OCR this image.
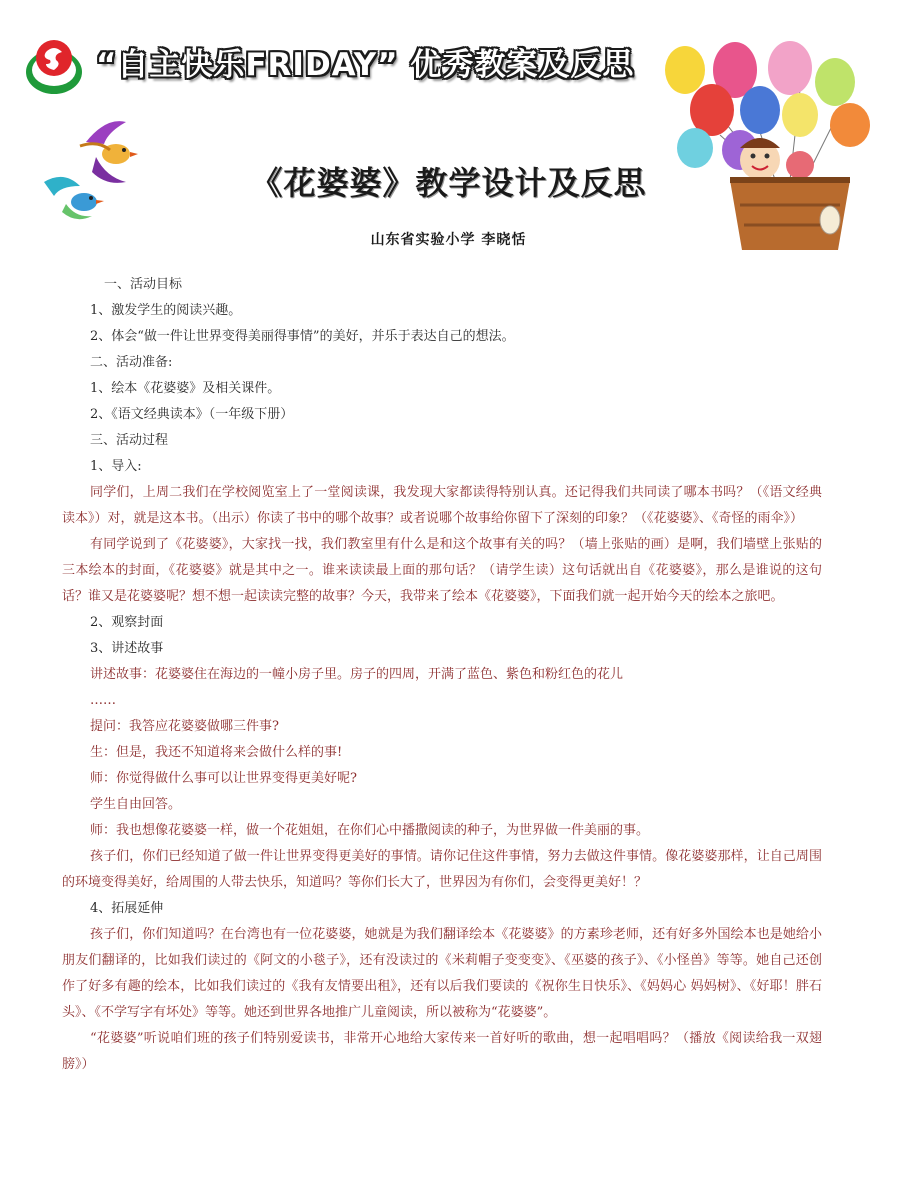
“自主快乐FRIDAY” 优秀教案及反思
《花婆婆》教学设计及反思
山东省实验小学 李晓恬

一、活动目标

1、激发学生的阅读兴趣。

2、体会“做一件让世界变得美丽得事情”的美好，并乐于表达自己的想法。

二、活动准备:

1、绘本《花婆婆》及相关课件。

2、《语文经典读本》（一年级下册）

三、活动过程

1、导入:

同学们，上周二我们在学校阅览室上了一堂阅读课，我发现大家都读得特别认真。还记得我们共同读了哪本书吗？（《语文经典读本》）对，就是这本书。（出示）你读了书中的哪个故事？或者说哪个故事给你留下了深刻的印象？（《花婆婆》、《奇怪的雨伞》）

有同学说到了《花婆婆》，大家找一找，我们教室里有什么是和这个故事有关的吗？（墙上张贴的画）是啊，我们墙壁上张贴的三本绘本的封面，《花婆婆》就是其中之一。谁来读读最上面的那句话？（请学生读）这句话就出自《花婆婆》，那么是谁说的这句话？谁又是花婆婆呢？想不想一起读读完整的故事？今天，我带来了绘本《花婆婆》，下面我们就一起开始今天的绘本之旅吧。

2、观察封面

3、讲述故事

讲述故事：花婆婆住在海边的一幢小房子里。房子的四周，开满了蓝色、紫色和粉红色的花儿

……

提问：我答应花婆婆做哪三件事?

生：但是，我还不知道将来会做什么样的事!

师：你觉得做什么事可以让世界变得更美好呢?

学生自由回答。

师：我也想像花婆婆一样，做一个花姐姐，在你们心中播撒阅读的种子，为世界做一件美丽的事。

孩子们，你们已经知道了做一件让世界变得更美好的事情。请你记住这件事情，努力去做这件事情。像花婆婆那样，让自己周围的环境变得美好，给周围的人带去快乐，知道吗？等你们长大了，世界因为有你们，会变得更美好！？

4、拓展延伸

孩子们，你们知道吗？在台湾也有一位花婆婆，她就是为我们翻译绘本《花婆婆》的方素珍老师，还有好多外国绘本也是她给小朋友们翻译的，比如我们读过的《阿文的小毯子》，还有没读过的《米莉帽子变变变》、《巫婆的孩子》、《小怪兽》等等。她自己还创作了好多有趣的绘本，比如我们读过的《我有友情要出租》，还有以后我们要读的《祝你生日快乐》、《妈妈心 妈妈树》、《好耶！胖石头》、《不学写字有坏处》等等。她还到世界各地推广儿童阅读，所以被称为“花婆婆”。

“花婆婆”听说咱们班的孩子们特别爱读书，非常开心地给大家传来一首好听的歌曲，想一起唱唱吗？（播放《阅读给我一双翅膀》）
